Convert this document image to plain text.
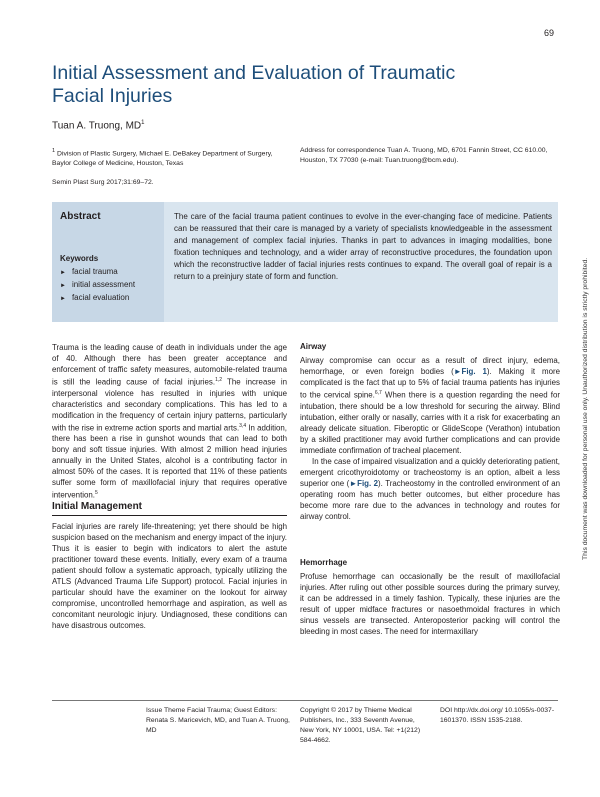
69
Initial Assessment and Evaluation of Traumatic Facial Injuries
Tuan A. Truong, $MD^1$
$^1$ Division of Plastic Surgery, Michael E. DeBakey Department of Surgery, Baylor College of Medicine, Houston, Texas
Address for correspondence Tuan A. Truong, MD, 6701 Fannin Street, CC 610.00, Houston, TX 77030 (e-mail: Tuan.truong@bcm.edu).
Semin Plast Surg 2017;31:69–72.
Abstract
Keywords
► facial trauma
► initial assessment
► facial evaluation
The care of the facial trauma patient continues to evolve in the ever-changing face of medicine. Patients can be reassured that their care is managed by a variety of specialists knowledgeable in the assessment and management of complex facial injuries. Thanks in part to advances in imaging modalities, bone fixation techniques and technology, and a wider array of reconstructive procedures, the foundation upon which the reconstructive ladder of facial injuries rests continues to expand. The overall goal of repair is a return to a preinjury state of form and function.

Trauma is the leading cause of death in individuals under the age of 40. Although there has been greater acceptance and enforcement of traffic safety measures, automobile-related trauma is still the leading cause of facial injuries.$^{1,2}$ The increase in interpersonal violence has resulted in injuries with unique characteristics and secondary complications. This has led to a modification in the frequency of certain injury patterns, particularly with the rise in extreme action sports and martial arts.$^{3,4}$ In addition, there has been a rise in gunshot wounds that can lead to both bony and soft tissue injuries. With almost 2 million head injuries annually in the United States, alcohol is a contributing factor in almost 50% of the cases. It is reported that 11% of these patients suffer some form of maxillofacial injury that requires operative intervention.$^5$

Initial Management

Facial injuries are rarely life-threatening; yet there should be high suspicion based on the mechanism and energy impact of the injury. Thus it is easier to begin with indicators to alert the astute practitioner toward these events. Initially, every exam of a trauma patient should follow a systematic approach, typically utilizing the ATLS (Advanced Trauma Life Support) protocol. Facial injuries in particular should have the examiner on the lookout for airway compromise, uncontrolled hemorrhage and aspiration, as well as concomitant neurologic injury. Undiagnosed, these conditions can have disastrous outcomes.

Airway

Airway compromise can occur as a result of direct injury, edema, hemorrhage, or even foreign bodies (►Fig. 1). Making it more complicated is the fact that up to 5% of facial trauma patients has injuries to the cervical spine.$^{6,7}$ When there is a question regarding the need for intubation, there should be a low threshold for securing the airway. Blind intubation, either orally or nasally, carries with it a risk for exacerbating an already delicate situation. Fiberoptic or GlideScope (Verathon) intubation by a skilled practitioner may avoid further complications and can provide immediate confirmation of tracheal placement.

In the case of impaired visualization and a quickly deteriorating patient, emergent cricothyroidotomy or tracheostomy is an option, albeit a less superior one (►Fig. 2). Tracheostomy in the controlled environment of an operating room has much better outcomes, but either procedure has become more rare due to the advances in technology and routes for airway control.

Hemorrhage

Profuse hemorrhage can occasionally be the result of maxillofacial injuries. After ruling out other possible sources during the primary survey, it can be addressed in a timely fashion. Typically, these injuries are the result of upper midface fractures or nasoethmoidal fractures in which sinus vessels are transected. Anteroposterior packing will control the bleeding in most cases. The need for intermaxillary

Issue Theme Facial Trauma; Guest Editors: Renata S. Maricevich, MD, and Tuan A. Truong, MD
Copyright © 2017 by Thieme Medical Publishers, Inc., 333 Seventh Avenue, New York, NY 10001, USA. Tel: +1(212) 584-4662.
DOI http://dx.doi.org/ 10.1055/s-0037-1601370. ISSN 1535-2188.
This document was downloaded for personal use only. Unauthorized distribution is strictly prohibited.
